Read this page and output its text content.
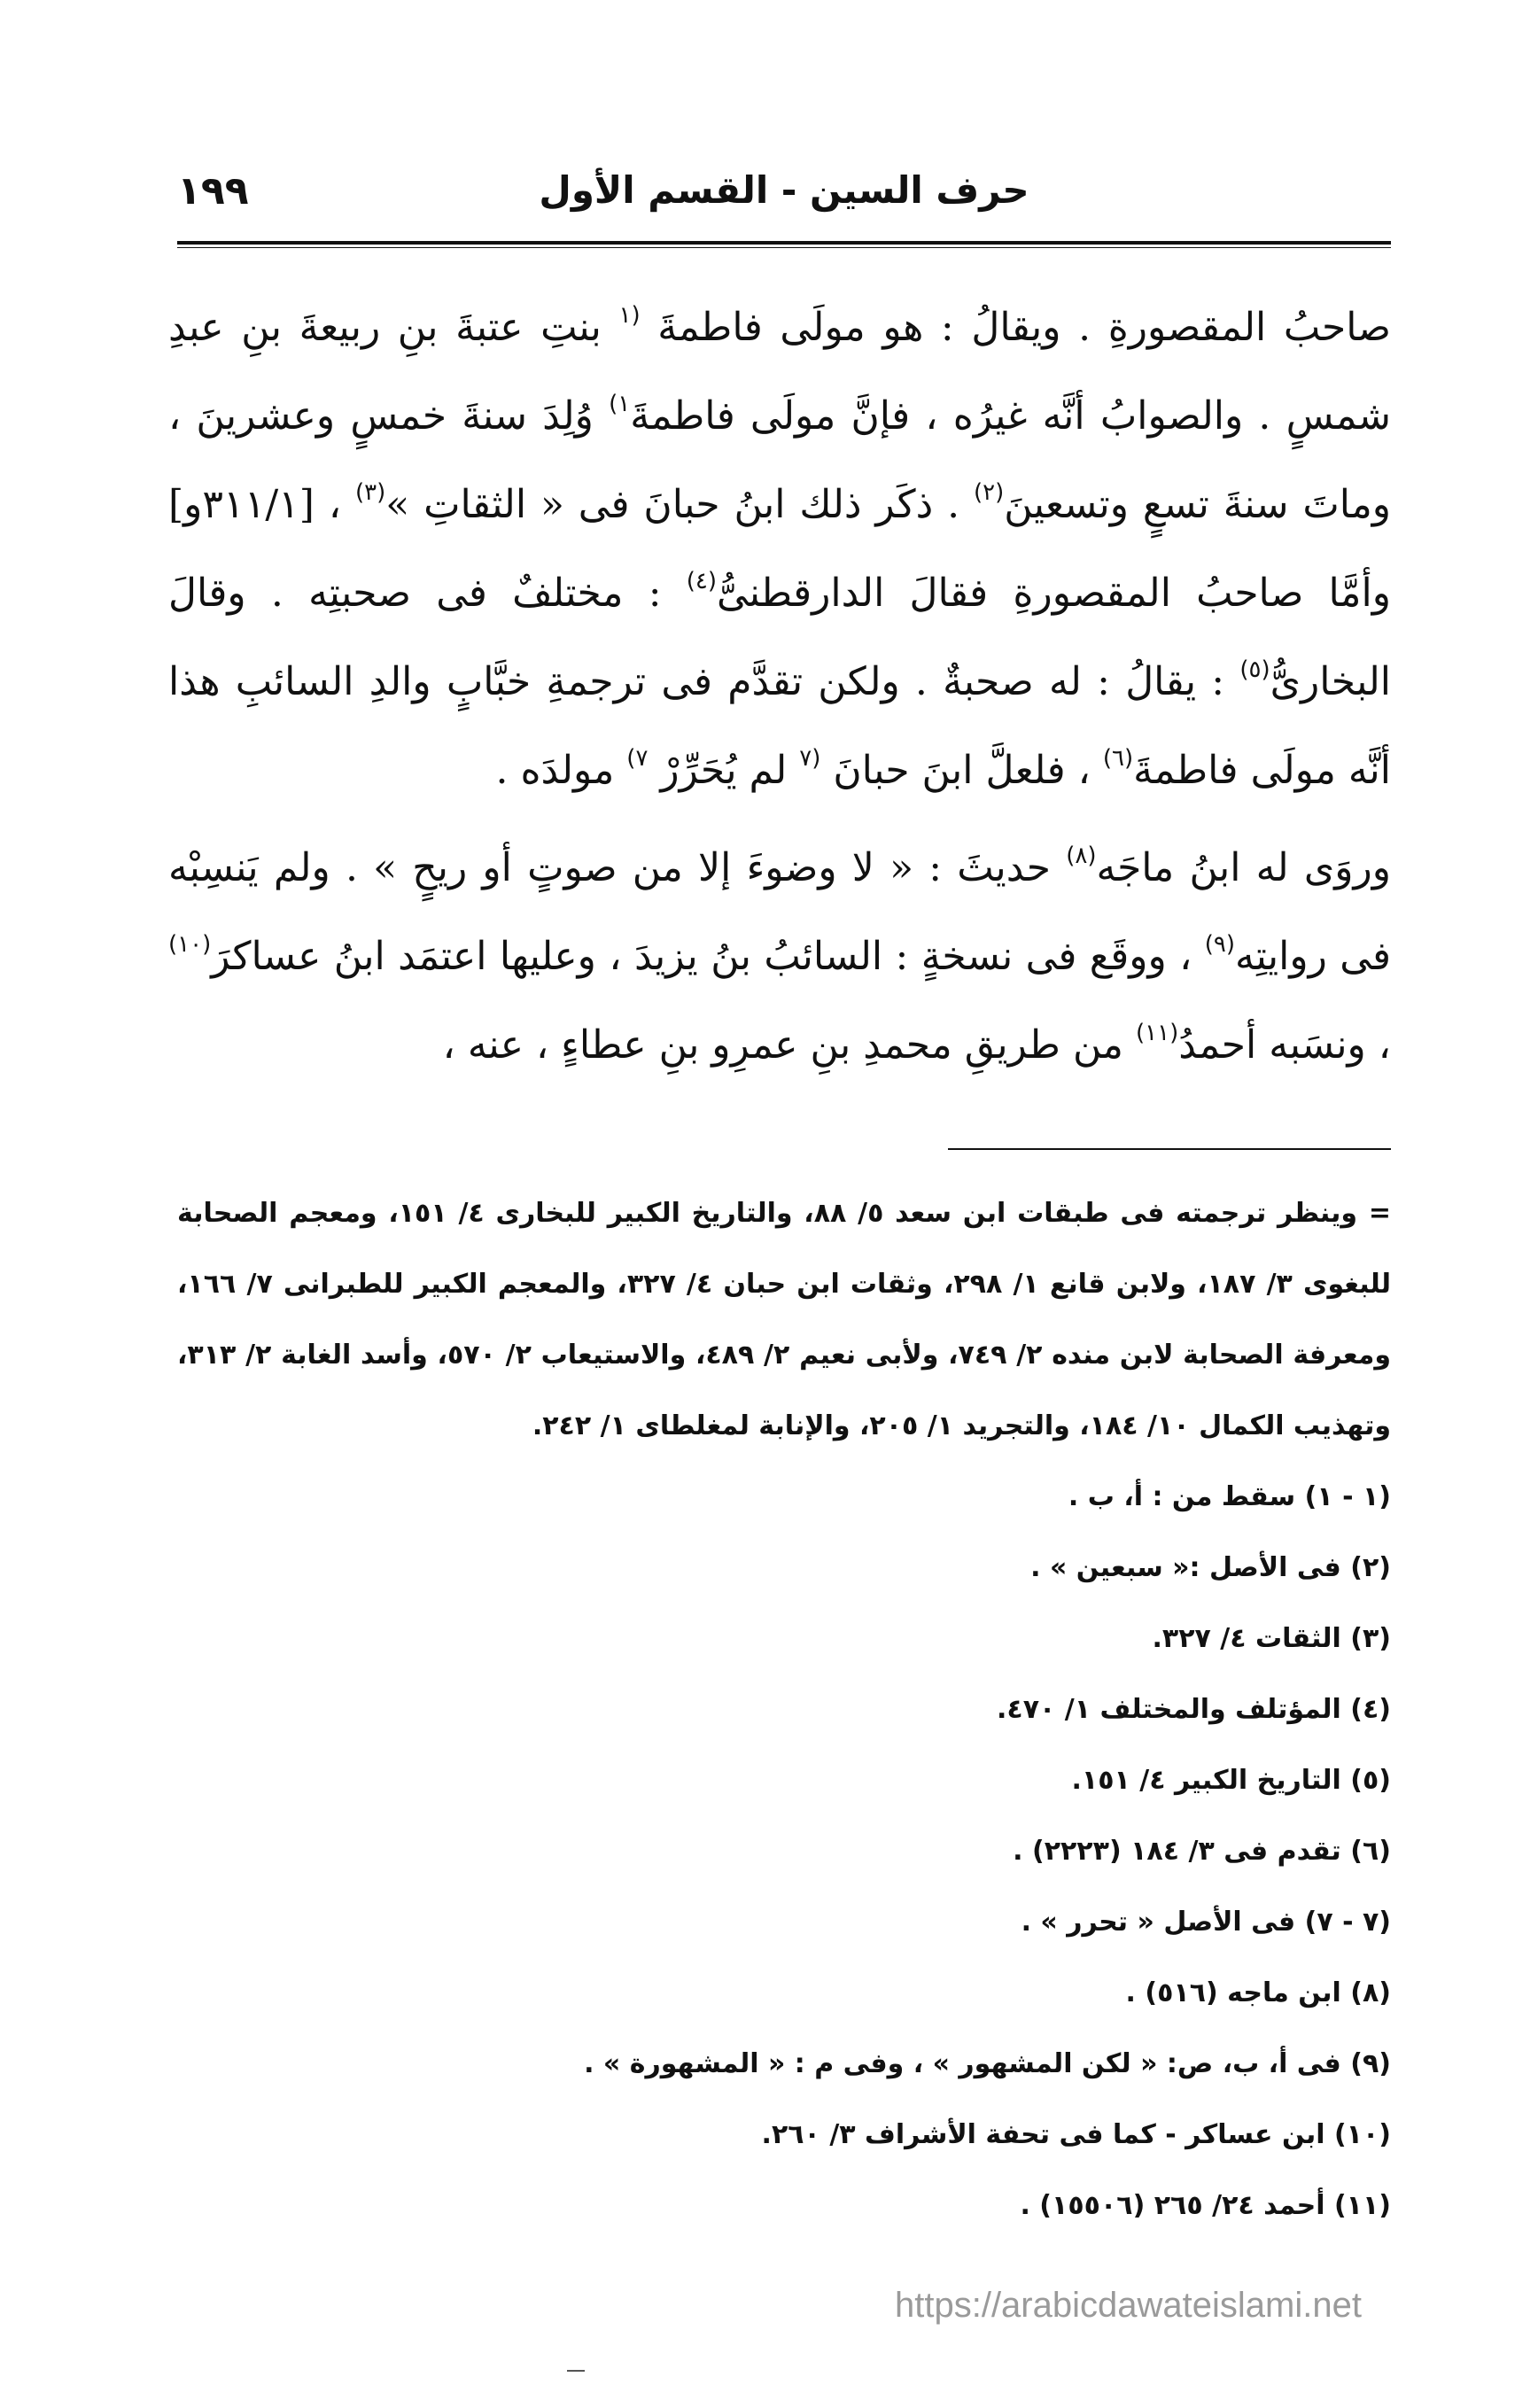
١٩٩	حرف السين - القسم الأول

صاحبُ المقصورةِ . ويقالُ : هو مولَى فاطمةَ $^{(١}$ بنتِ عتبةَ بنِ ربيعةَ بنِ عبدِ شمسٍ . والصوابُ أنَّه غيرُه ، فإنَّ مولَى فاطمةَ$^{١)}$ وُلِدَ سنةَ خمسٍ وعشرينَ ، وماتَ سنةَ تسعٍ وتسعينَ$^{(٢)}$ . ذكَر ذلك ابنُ حبانَ فى « الثقاتِ »$^{(٣)}$ ، [٣١١/١و] وأمَّا صاحبُ المقصورةِ فقالَ الدارقطنىُّ$^{(٤)}$ : مختلفٌ فى صحبتِه . وقالَ البخارىُّ$^{(٥)}$ : يقالُ : له صحبةٌ . ولكن تقدَّم فى ترجمةِ خبَّابٍ والدِ السائبِ هذا أنَّه مولَى فاطمةَ$^{(٦)}$ ، فلعلَّ ابنَ حبانَ $^{(٧}$ لم يُحَرِّرْ $^{٧)}$ مولدَه .

وروَى له ابنُ ماجَه$^{(٨)}$ حديثَ : « لا وضوءَ إلا من صوتٍ أو ريحٍ » . ولم يَنسِبْه فى روايتِه$^{(٩)}$ ، ووقَع فى نسخةٍ : السائبُ بنُ يزيدَ ، وعليها اعتمَد ابنُ عساكرَ$^{(١٠)}$ ، ونسَبه أحمدُ$^{(١١)}$ من طريقِ محمدِ بنِ عمرِو بنِ عطاءٍ ، عنه ،

= وينظر ترجمته فى طبقات ابن سعد ٥/ ٨٨، والتاريخ الكبير للبخارى ٤/ ١٥١، ومعجم الصحابة للبغوى ٣/ ١٨٧، ولابن قانع ١/ ٢٩٨، وثقات ابن حبان ٤/ ٣٢٧، والمعجم الكبير للطبرانى ٧/ ١٦٦، ومعرفة الصحابة لابن منده ٢/ ٧٤٩، ولأبى نعيم ٢/ ٤٨٩، والاستيعاب ٢/ ٥٧٠، وأسد الغابة ٢/ ٣١٣، وتهذيب الكمال ١٠/ ١٨٤، والتجريد ١/ ٢٠٥، والإنابة لمغلطاى ١/ ٢٤٢.

(١ - ١) سقط من : أ، ب .
(٢) فى الأصل :« سبعين » .
(٣) الثقات ٤/ ٣٢٧.
(٤) المؤتلف والمختلف ١/ ٤٧٠.
(٥) التاريخ الكبير ٤/ ١٥١.
(٦) تقدم فى ٣/ ١٨٤ (٢٢٢٣) .
(٧ - ٧) فى الأصل « تحرر » .
(٨) ابن ماجه (٥١٦) .
(٩) فى أ، ب، ص: « لكن المشهور » ، وفى م : « المشهورة » .
(١٠) ابن عساكر - كما فى تحفة الأشراف ٣/ ٢٦٠.
(١١) أحمد ٢٤/ ٢٦٥ (١٥٥٠٦) .
https://arabicdawateislami.net
